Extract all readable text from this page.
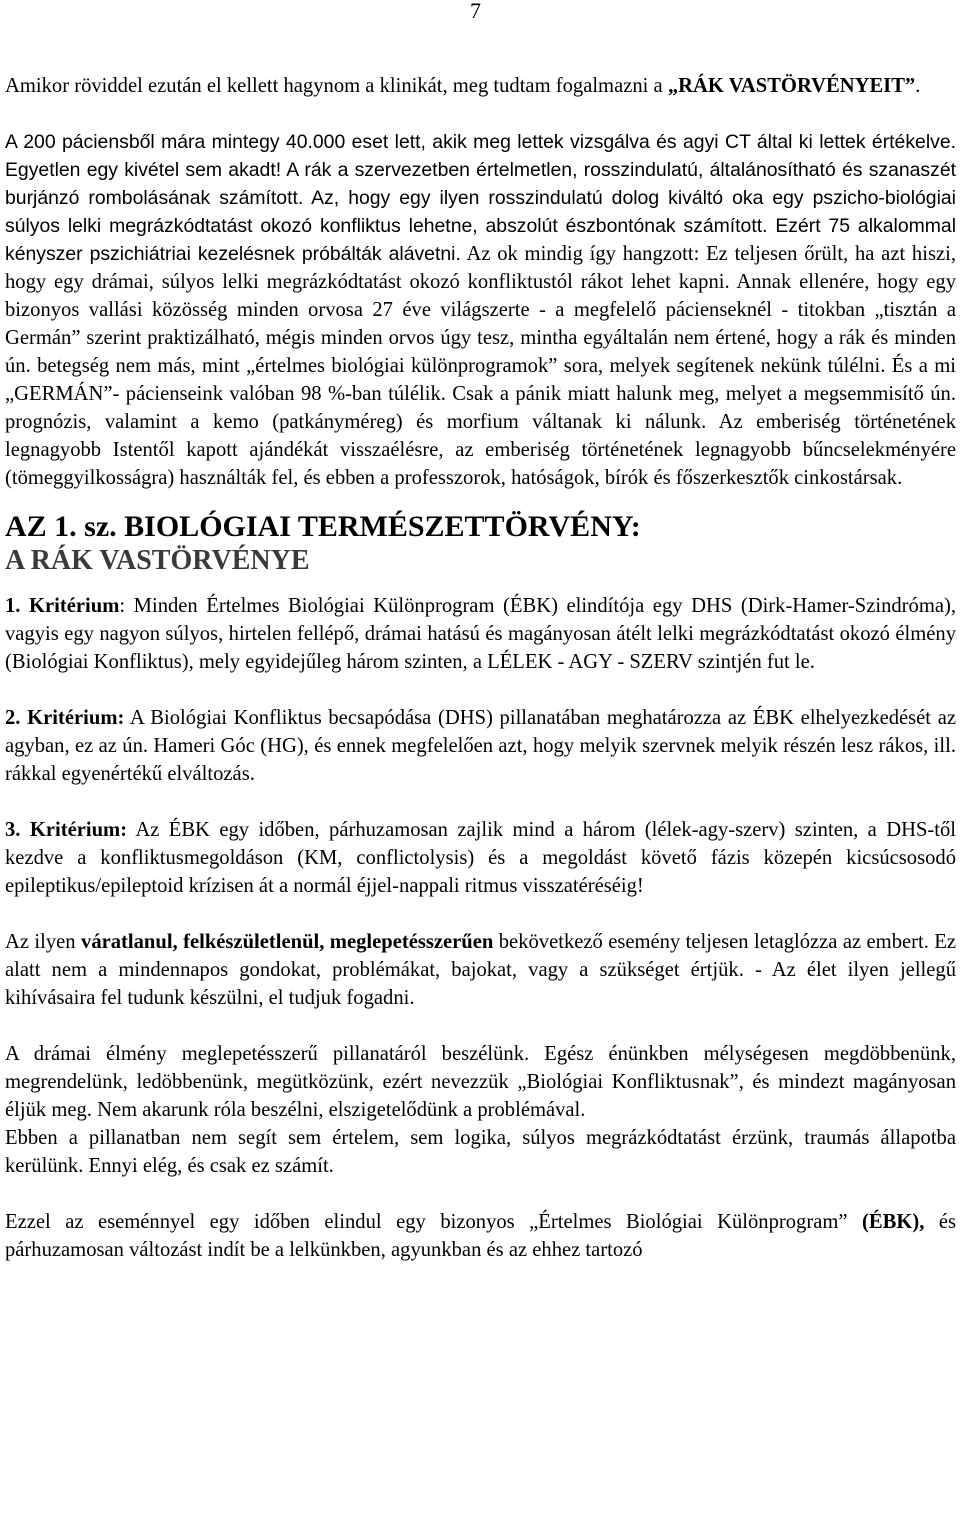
7

Amikor röviddel ezután el kellett hagynom a klinikát, meg tudtam fogalmazni a „RÁK VASTÖRVÉNYEIT”.

A 200 páciensből mára mintegy 40.000 eset lett, akik meg lettek vizsgálva és agyi CT által ki lettek értékelve. Egyetlen egy kivétel sem akadt! A rák a szervezetben értelmetlen, rosszindulatú, általánosítható és szanaszét burjánzó rombolásának számított. Az, hogy egy ilyen rosszindulatú dolog kiváltó oka egy pszicho-biológiai súlyos lelki megrázkódtatást okozó konfliktus lehetne, abszolút észbontónak számított. Ezért 75 alkalommal kényszer pszichiátriai kezelésnek próbálták alávetni. Az ok mindig így hangzott: Ez teljesen őrült, ha azt hiszi, hogy egy drámai, súlyos lelki megrázkódtatást okozó konfliktustól rákot lehet kapni. Annak ellenére, hogy egy bizonyos vallási közösség minden orvosa 27 éve világszerte - a megfelelő pácienseknél - titokban „tisztán a Germán” szerint praktizálható, mégis minden orvos úgy tesz, mintha egyáltalán nem értené, hogy a rák és minden ún. betegség nem más, mint „értelmes biológiai különprogramok” sora, melyek segítenek nekünk túlélni. És a mi „GERMÁN”- pácienseink valóban 98 %-ban túlélik. Csak a pánik miatt halunk meg, melyet a megsemmisítő ún. prognózis, valamint a kemo (patkányméreg) és morfium váltanak ki nálunk. Az emberiség történetének legnagyobb Istentől kapott ajándékát visszaélésre, az emberiség történetének legnagyobb bűncselekményére (tömeggyilkosságra) használták fel, és ebben a professzorok, hatóságok, bírók és főszerkesztők cinkostársak.

AZ 1. sz. BIOLÓGIAI TERMÉSZETTÖRVÉNY:
A RÁK VASTÖRVÉNYE

1. Kritérium: Minden Értelmes Biológiai Különprogram (ÉBK) elindítója egy DHS (Dirk-Hamer-Szindróma), vagyis egy nagyon súlyos, hirtelen fellépő, drámai hatású és magányosan átélt lelki megrázkódtatást okozó élmény (Biológiai Konfliktus), mely egyidejűleg három szinten, a LÉLEK - AGY - SZERV szintjén fut le.

2. Kritérium: A Biológiai Konfliktus becsapódása (DHS) pillanatában meghatározza az ÉBK elhelyezkedését az agyban, ez az ún. Hameri Góc (HG), és ennek megfelelően azt, hogy melyik szervnek melyik részén lesz rákos, ill. rákkal egyenértékű elváltozás.

3. Kritérium: Az ÉBK egy időben, párhuzamosan zajlik mind a három (lélek-agy-szerv) szinten, a DHS-től kezdve a konfliktusmegoldáson (KM, conflictolysis) és a megoldást követő fázis közepén kicsúcsosodó epileptikus/epileptoid krízisen át a normál éjjel-nappali ritmus visszatéréséig!

Az ilyen váratlanul, felkészületlenül, meglepetésszerűen bekövetkező esemény teljesen letaglózza az embert. Ez alatt nem a mindennapos gondokat, problémákat, bajokat, vagy a szükséget értjük. - Az élet ilyen jellegű kihívásaira fel tudunk készülni, el tudjuk fogadni.

A drámai élmény meglepetésszerű pillanatáról beszélünk. Egész énünkben mélységesen megdöbbenünk, megrendelünk, ledöbbenünk, megütközünk, ezért nevezzük „Biológiai Konfliktusnak”, és mindezt magányosan éljük meg. Nem akarunk róla beszélni, elszigetelődünk a problémával.

Ebben a pillanatban nem segít sem értelem, sem logika, súlyos megrázkódtatást érzünk, traumás állapotba kerülünk. Ennyi elég, és csak ez számít.

Ezzel az eseménnyel egy időben elindul egy bizonyos „Értelmes Biológiai Különprogram” (ÉBK), és párhuzamosan változást indít be a lelkünkben, agyunkban és az ehhez tartozó
